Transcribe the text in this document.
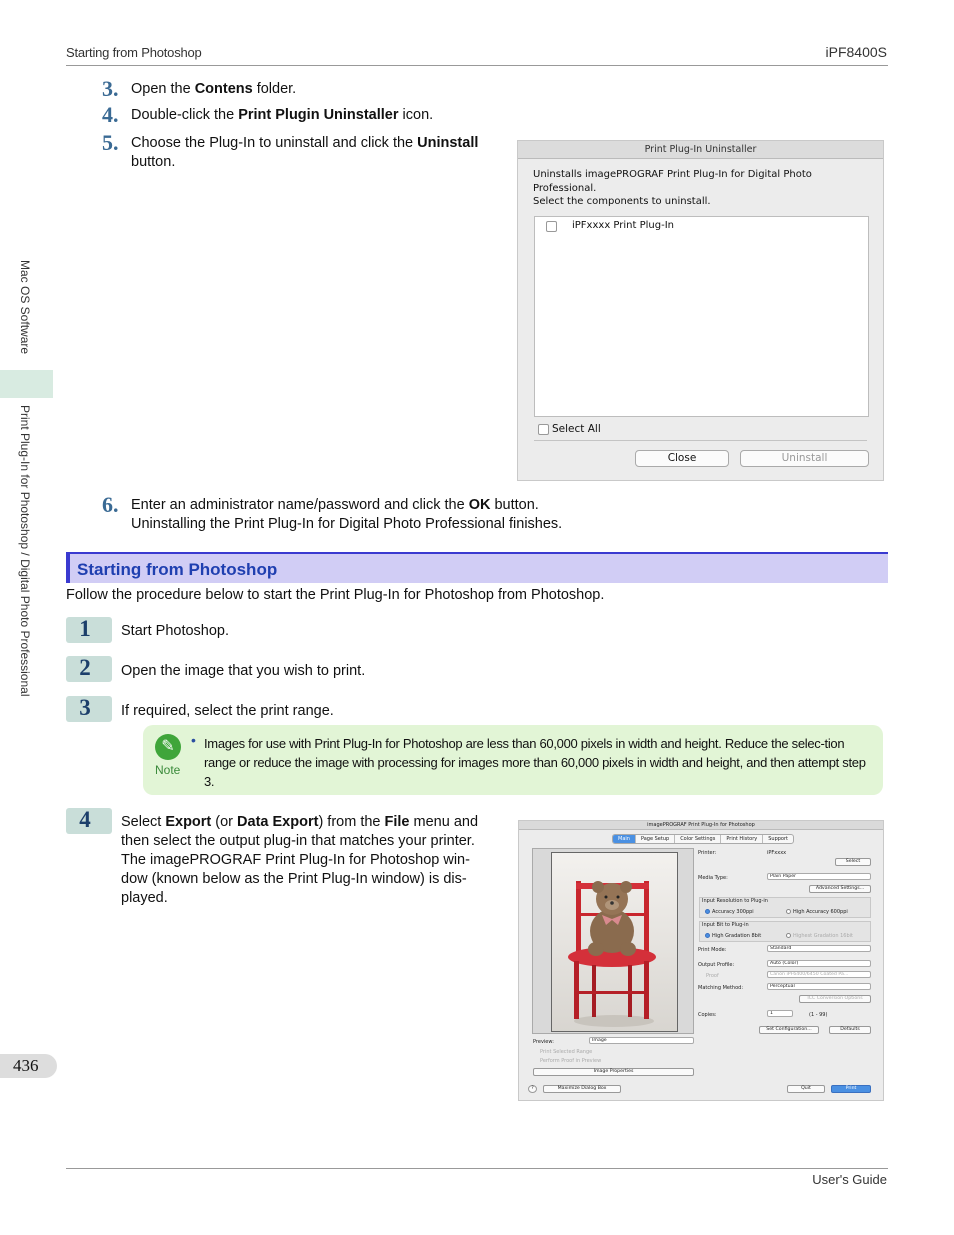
Starting from Photoshop	iPF8400S
Mac OS Software
Print Plug-In for Photoshop / Digital Photo Professional
436
3. Open the Contens folder.
4. Double-click the Print Plugin Uninstaller icon.
5. Choose the Plug-In to uninstall and click the Uninstall
button.
6. Enter an administrator name/password and click the OK button.
Uninstalling the Print Plug-In for Digital Photo Professional finishes.
Print Plug-In Uninstaller
Uninstalls imagePROGRAF Print Plug-In for Digital Photo Professional.
Select the components to uninstall.
iPFxxxx Print Plug-In
Select All
Close	Uninstall
Starting from Photoshop
Follow the procedure below to start the Print Plug-In for Photoshop from Photoshop.
1	Start Photoshop.
2	Open the image that you wish to print.
3	If required, select the print range.
✎
Note
• Images for use with Print Plug-In for Photoshop are less than 60,000 pixels in width and height. Reduce the selec-tion range or reduce the image with processing for images more than 60,000 pixels in width and height, and then attempt step 3.
4	Select Export (or Data Export) from the File menu and
then select the output plug-in that matches your printer.
The imagePROGRAF Print Plug-In for Photoshop win-
dow (known below as the Print Plug-In window) is dis-
played.
imagePROGRAF Print Plug-In for Photoshop
Main	Page Setup	Color Settings	Print History	Support
Printer:	iPFxxxx
Select
Media Type:	Plain Paper
Advanced Settings...
Input Resolution to Plug-in
Accuracy 300ppi	High Accuracy 600ppi
Input Bit to Plug-in
High Gradation 8bit	Highest Gradation 16bit
Print Mode:	Standard
Output Profile:	Auto (Color)
Proof	Canon iPF6400/6450 Coated Pa...
Matching Method:	Perceptual
ICC Conversion Options
Copies:	1	(1 - 99)
Set Configuration...	Defaults
Preview:	Image
Print Selected Range
Perform Proof in Preview
Image Properties
?	Maximize Dialog Box	Quit	Print
User's Guide
